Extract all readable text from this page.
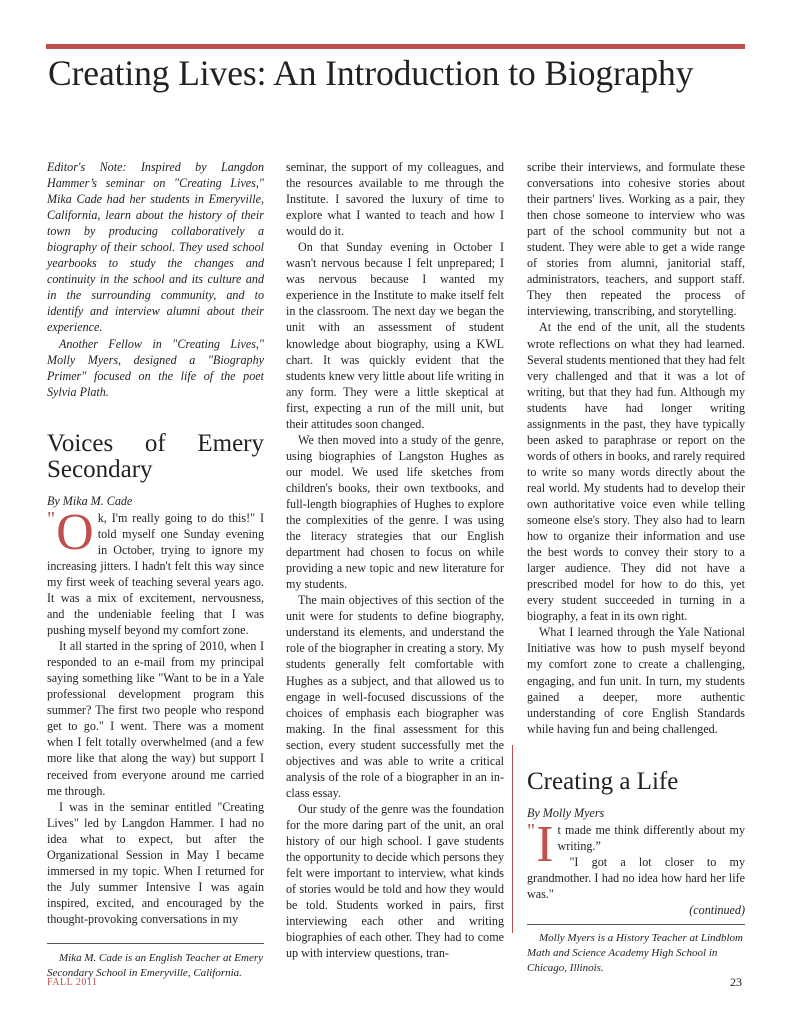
Creating Lives: An Introduction to Biography

Editor's Note: Inspired by Langdon Hammer’s seminar on "Creating Lives," Mika Cade had her students in Emeryville, California, learn about the history of their town by producing collaboratively a biography of their school. They used school yearbooks to study the changes and continuity in the school and its culture and in the surrounding community, and to identify and interview alumni about their experience.

Another Fellow in "Creating Lives," Molly Myers, designed a "Biography Primer" focused on the life of the poet Sylvia Plath.

Voices of Emery Secondary
By Mika M. Cade

"O k, I'm really going to do this!" I told myself one Sunday evening in October, trying to ignore my increasing jitters. I hadn't felt this way since my first week of teaching several years ago. It was a mix of excitement, nervousness, and the undeniable feeling that I was pushing myself beyond my comfort zone.

It all started in the spring of 2010, when I responded to an e-mail from my principal saying something like "Want to be in a Yale professional development program this summer? The first two people who respond get to go." I went. There was a moment when I felt totally overwhelmed (and a few more like that along the way) but support I received from everyone around me carried me through.

I was in the seminar entitled "Creating Lives" led by Langdon Hammer. I had no idea what to expect, but after the Organizational Session in May I became immersed in my topic. When I returned for the July summer Intensive I was again inspired, excited, and encouraged by the thought-provoking conversations in my

Mika M. Cade is an English Teacher at Emery Secondary School in Emeryville, California.

seminar, the support of my colleagues, and the resources available to me through the Institute. I savored the luxury of time to explore what I wanted to teach and how I would do it.

On that Sunday evening in October I wasn't nervous because I felt unprepared; I was nervous because I wanted my experience in the Institute to make itself felt in the classroom. The next day we began the unit with an assessment of student knowledge about biography, using a KWL chart. It was quickly evident that the students knew very little about life writing in any form. They were a little skeptical at first, expecting a run of the mill unit, but their attitudes soon changed.

We then moved into a study of the genre, using biographies of Langston Hughes as our model. We used life sketches from children's books, their own textbooks, and full-length biographies of Hughes to explore the complexities of the genre. I was using the literacy strategies that our English department had chosen to focus on while providing a new topic and new literature for my students.

The main objectives of this section of the unit were for students to define biography, understand its elements, and understand the role of the biographer in creating a story. My students generally felt comfortable with Hughes as a subject, and that allowed us to engage in well-focused discussions of the choices of emphasis each biographer was making. In the final assessment for this section, every student successfully met the objectives and was able to write a critical analysis of the role of a biographer in an in-class essay.

Our study of the genre was the foundation for the more daring part of the unit, an oral history of our high school. I gave students the opportunity to decide which persons they felt were important to interview, what kinds of stories would be told and how they would be told. Students worked in pairs, first interviewing each other and writing biographies of each other. They had to come up with interview questions, tran-

scribe their interviews, and formulate these conversations into cohesive stories about their partners' lives. Working as a pair, they then chose someone to interview who was part of the school community but not a student. They were able to get a wide range of stories from alumni, janitorial staff, administrators, teachers, and support staff. They then repeated the process of interviewing, transcribing, and storytelling.

At the end of the unit, all the students wrote reflections on what they had learned. Several students mentioned that they had felt very challenged and that it was a lot of writing, but that they had fun. Although my students have had longer writing assignments in the past, they have typically been asked to paraphrase or report on the words of others in books, and rarely required to write so many words directly about the real world. My students had to develop their own authoritative voice even while telling someone else's story. They also had to learn how to organize their information and use the best words to convey their story to a larger audience. They did not have a prescribed model for how to do this, yet every student succeeded in turning in a biography, a feat in its own right.

What I learned through the Yale National Initiative was how to push myself beyond my comfort zone to create a challenging, engaging, and fun unit. In turn, my students gained a deeper, more authentic understanding of core English Standards while having fun and being challenged.

Creating a Life
By Molly Myers

"I t made me think differently about my writing.”

"I got a lot closer to my grandmother. I had no idea how hard her life was."

(continued)

Molly Myers is a History Teacher at Lindblom Math and Science Academy High School in Chicago, Illinois.

FALL 2011	23
